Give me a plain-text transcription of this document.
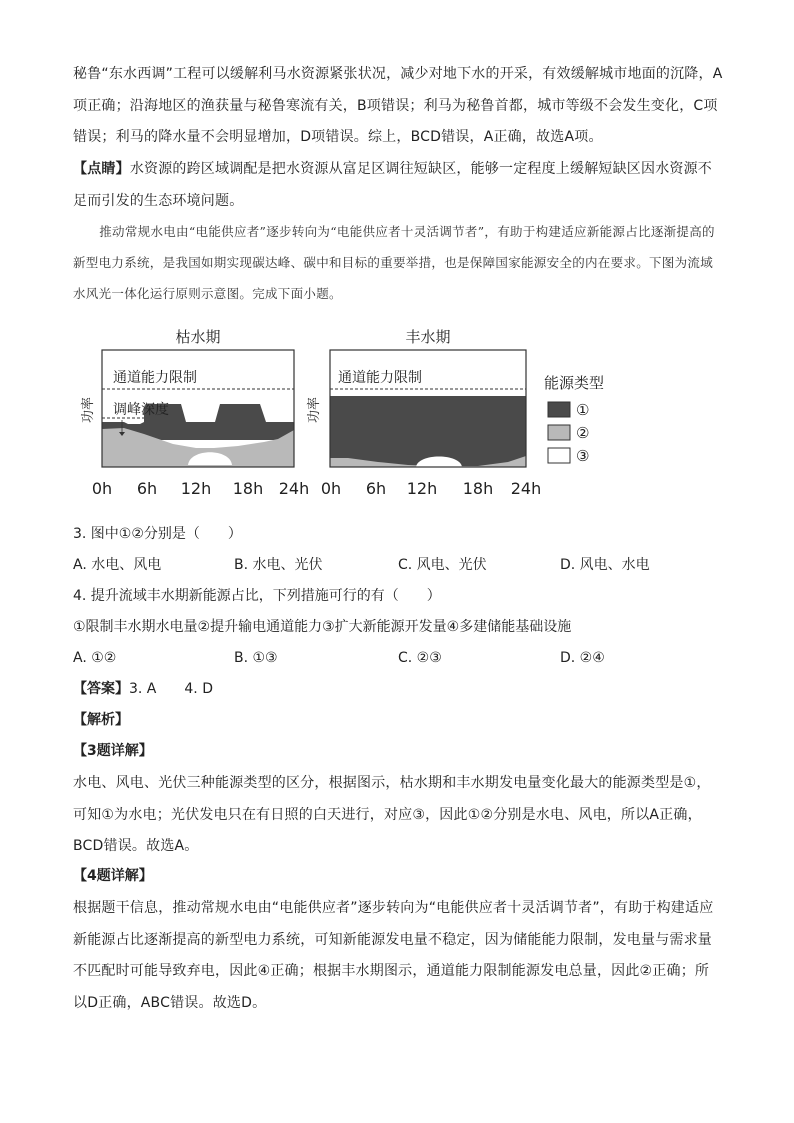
秘鲁“东水西调”工程可以缓解利马水资源紧张状况，减少对地下水的开采，有效缓解城市地面的沉降，A项正确；沿海地区的渔获量与秘鲁寒流有关，B项错误；利马为秘鲁首都，城市等级不会发生变化，C项错误；利马的降水量不会明显增加，D项错误。综上，BCD错误，A正确，故选A项。

【点睛】水资源的跨区域调配是把水资源从富足区调往短缺区，能够一定程度上缓解短缺区因水资源不足而引发的生态环境问题。

推动常规水电由“电能供应者”逐步转向为“电能供应者十灵活调节者”，有助于构建适应新能源占比逐渐提高的新型电力系统，是我国如期实现碳达峰、碳中和目标的重要举措，也是保障国家能源安全的内在要求。下图为流域水风光一体化运行原则示意图。完成下面小题。

枯水期
通道能力限制
调峰深度
功率
0h 6h 12h 18h 24h
丰水期
通道能力限制
功率
0h 6h 12h 18h 24h
能源类型
①
②
③
3. 图中①②分别是（　　）
A. 水电、风电	B. 水电、光伏	C. 风电、光伏	D. 风电、水电
4. 提升流域丰水期新能源占比，下列措施可行的有（　　）
①限制丰水期水电量②提升输电通道能力③扩大新能源开发量④多建储能基础设施
A. ①②	B. ①③	C. ②③	D. ②④
【答案】3. A　　4. D
【解析】
【3题详解】

水电、风电、光伏三种能源类型的区分，根据图示，枯水期和丰水期发电量变化最大的能源类型是①，可知①为水电；光伏发电只在有日照的白天进行，对应③，因此①②分别是水电、风电，所以A正确，BCD错误。故选A。

【4题详解】

根据题干信息，推动常规水电由“电能供应者”逐步转向为“电能供应者十灵活调节者”，有助于构建适应新能源占比逐渐提高的新型电力系统，可知新能源发电量不稳定，因为储能能力限制，发电量与需求量不匹配时可能导致弃电，因此④正确；根据丰水期图示，通道能力限制能源发电总量，因此②正确；所以D正确，ABC错误。故选D。
